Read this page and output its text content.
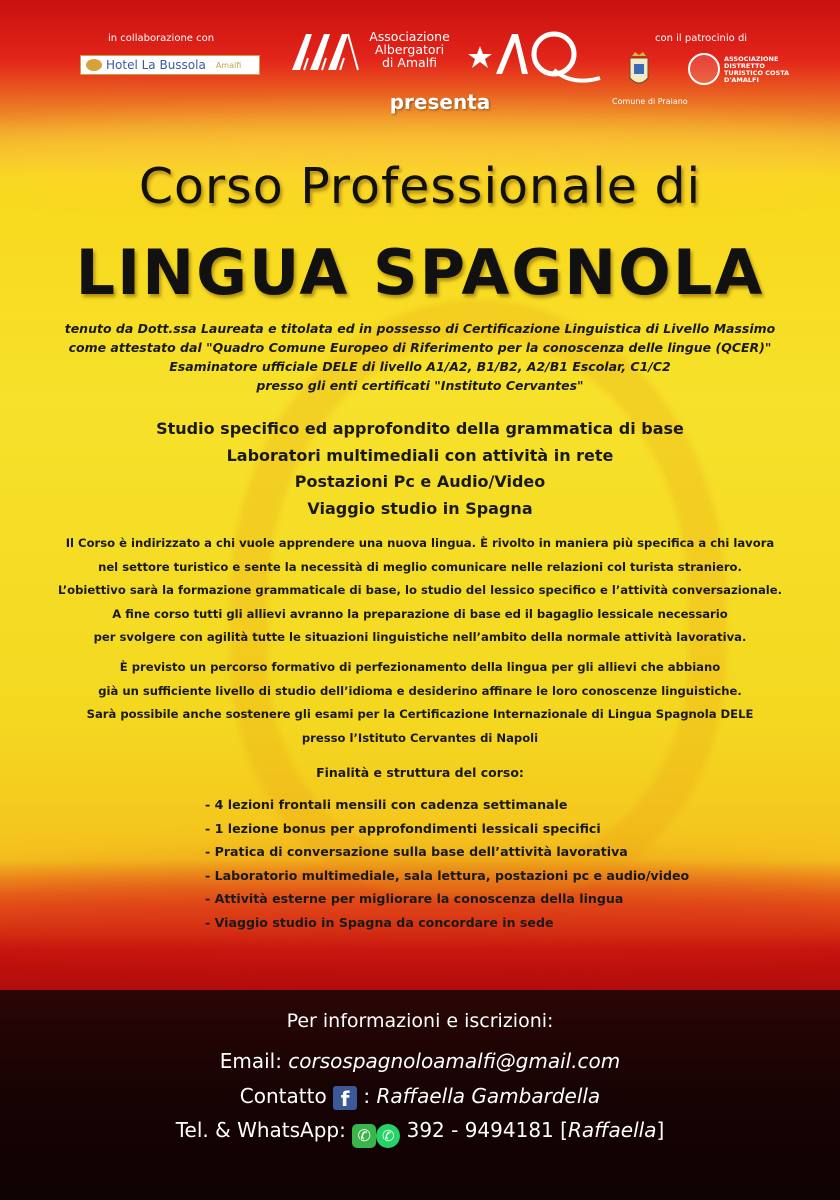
in collaborazione con
Hotel La Bussola Amalfi
Associazione
Albergatori
di Amalfi
con il patrocinio di
Comune di Praiano
ASSOCIAZIONE DISTRETTO TURISTICO COSTA D'AMALFI
presenta
Corso Professionale di
LINGUA SPAGNOLA
tenuto da Dott.ssa Laureata e titolata ed in possesso di Certificazione Linguistica di Livello Massimo
come attestato dal "Quadro Comune Europeo di Riferimento per la conoscenza delle lingue (QCER)"
Esaminatore ufficiale DELE di livello A1/A2, B1/B2, A2/B1 Escolar, C1/C2
presso gli enti certificati "Instituto Cervantes"
Studio specifico ed approfondito della grammatica di base
Laboratori multimediali con attività in rete
Postazioni Pc e Audio/Video
Viaggio studio in Spagna
Il Corso è indirizzato a chi vuole apprendere una nuova lingua. È rivolto in maniera più specifica a chi lavora
nel settore turistico e sente la necessità di meglio comunicare nelle relazioni col turista straniero.
L’obiettivo sarà la formazione grammaticale di base, lo studio del lessico specifico e l’attività conversazionale.
A fine corso tutti gli allievi avranno la preparazione di base ed il bagaglio lessicale necessario
per svolgere con agilità tutte le situazioni linguistiche nell’ambito della normale attività lavorativa.
È previsto un percorso formativo di perfezionamento della lingua per gli allievi che abbiano
già un sufficiente livello di studio dell’idioma e desiderino affinare le loro conoscenze linguistiche.
Sarà possibile anche sostenere gli esami per la Certificazione Internazionale di Lingua Spagnola DELE
presso l’Istituto Cervantes di Napoli
Finalità e struttura del corso:
- 4 lezioni frontali mensili con cadenza settimanale
- 1 lezione bonus per approfondimenti lessicali specifici
- Pratica di conversazione sulla base dell’attività lavorativa
- Laboratorio multimediale, sala lettura, postazioni pc e audio/video
- Attività esterne per migliorare la conoscenza della lingua
- Viaggio studio in Spagna da concordare in sede
Per informazioni e iscrizioni:
Email: corsospagnoloamalfi@gmail.com
Contatto f : Raffaella Gambardella
Tel. & WhatsApp: ✆ ✆ 392 - 9494181 [Raffaella]
